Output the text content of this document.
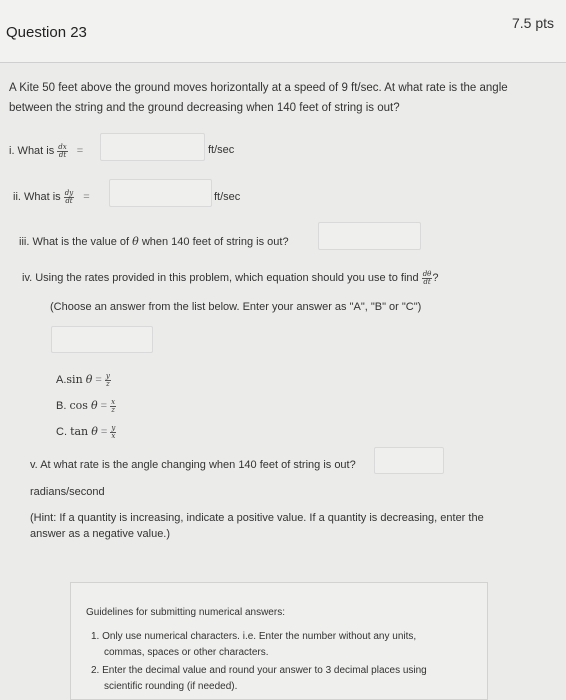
Question 23
7.5 pts
A Kite 50 feet above the ground moves horizontally at a speed of 9 ft/sec. At what rate is the angle
between the string and the ground decreasing when 140 feet of string is out?
i. What is $\frac{dx}{dt}$ =	ft/sec
ii. What is $\frac{dy}{dt}$ =	ft/sec
iii. What is the value of θ when 140 feet of string is out?
iv. Using the rates provided in this problem, which equation should you use to find $\frac{d\theta}{dt}$ ?
(Choose an answer from the list below. Enter your answer as "A", "B" or "C")
A.sin $\theta = \frac{y}{z}$
B. $\cos \theta = \frac{x}{z}$
C. $\tan \theta = \frac{y}{x}$
v. At what rate is the angle changing when 140 feet of string is out?
radians/second
(Hint: If a quantity is increasing, indicate a positive value. If a quantity is decreasing, enter the
answer as a negative value.)
Guidelines for submitting numerical answers:
1. Only use numerical characters. i.e. Enter the number without any units,
commas, spaces or other characters.
2. Enter the decimal value and round your answer to 3 decimal places using
scientific rounding (if needed).
